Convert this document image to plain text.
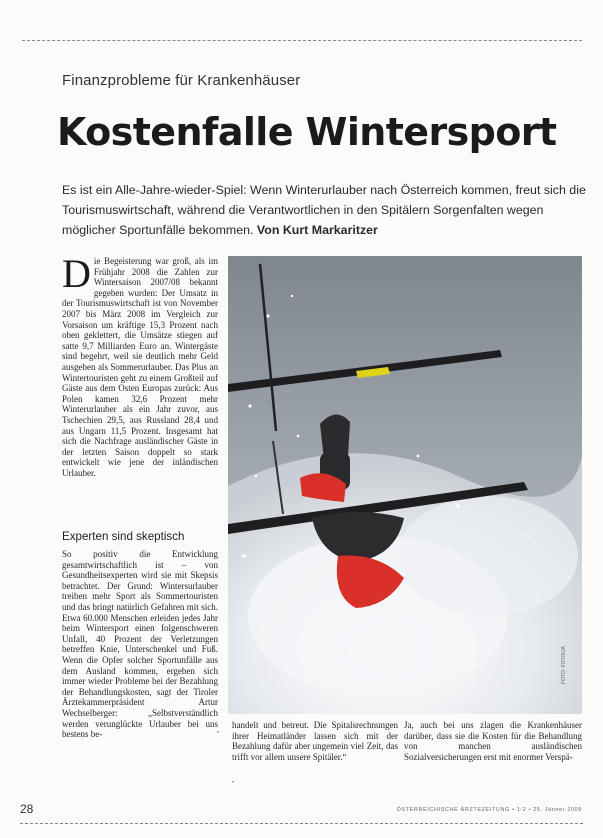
Finanzprobleme für Krankenhäuser
Kostenfalle Wintersport
Es ist ein Alle-Jahre-wieder-Spiel: Wenn Winterurlauber nach Österreich kommen, freut sich die Tourismuswirtschaft, während die Verantwortlichen in den Spitälern Sorgenfalten wegen möglicher Sportunfälle bekommen. Von Kurt Markaritzer
Die Begeisterung war groß, als im Frühjahr 2008 die Zahlen zur Wintersaison 2007/08 bekannt gegeben wurden: Der Umsatz in der Tourismuswirtschaft ist von November 2007 bis März 2008 im Vergleich zur Vorsaison um kräftige 15,3 Prozent nach oben geklettert, die Umsätze stiegen auf satte 9,7 Milliarden Euro an. Wintergäste sind begehrt, weil sie deutlich mehr Geld ausgeben als Sommerurlauber. Das Plus an Wintertouristen geht zu einem Großteil auf Gäste aus dem Osten Europas zurück: Aus Polen kamen 32,6 Prozent mehr Winterurlauber als ein Jahr zuvor, aus Tschechien 29,5, aus Russland 28,4 und aus Ungarn 11,5 Prozent. Insgesamt hat sich die Nachfrage ausländischer Gäste in der letzten Saison doppelt so stark entwickelt wie jene der inländischen Urlauber.
Experten sind skeptisch
So positiv die Entwicklung gesamtwirtschaftlich ist – von Gesundheitsexperten wird sie mit Skepsis betrachtet. Der Grund: Wintersurlauber treiben mehr Sport als Sommertouristen und das bringt natürlich Gefahren mit sich. Etwa 60.000 Menschen erleiden jedes Jahr beim Wintersport einen folgenschweren Unfall, 40 Prozent der Verletzungen betreffen Knie, Unterschenkel und Fuß. Wenn die Opfer solcher Sportunfälle aus dem Ausland kommen, ergeben sich immer wieder Probleme bei der Bezahlung der Behandlungskosten, sagt der Tiroler Ärztekammerpräsident Artur Wechselberger: „Selbstverständlich werden verunglückte Urlauber bei uns bestens be-
FOTO: FOTOLIA
•
•
handelt und betreut. Die Spitalsrechnungen ihrer Heimatländer lassen sich mit der Bezahlung dafür aber ungemein viel Zeit, das trifft vor allem unsere Spitäler.“
Ja, auch bei uns zlagen die Krankenhäuser darüber, dass sie die Kosten für die Behandlung von manchen ausländischen Sozialversicherungen erst mit enormer Verspä-
28	ÖSTERREICHISCHE ÄRZTEZEITUNG • 1-2 • 25. Jänner 2009
